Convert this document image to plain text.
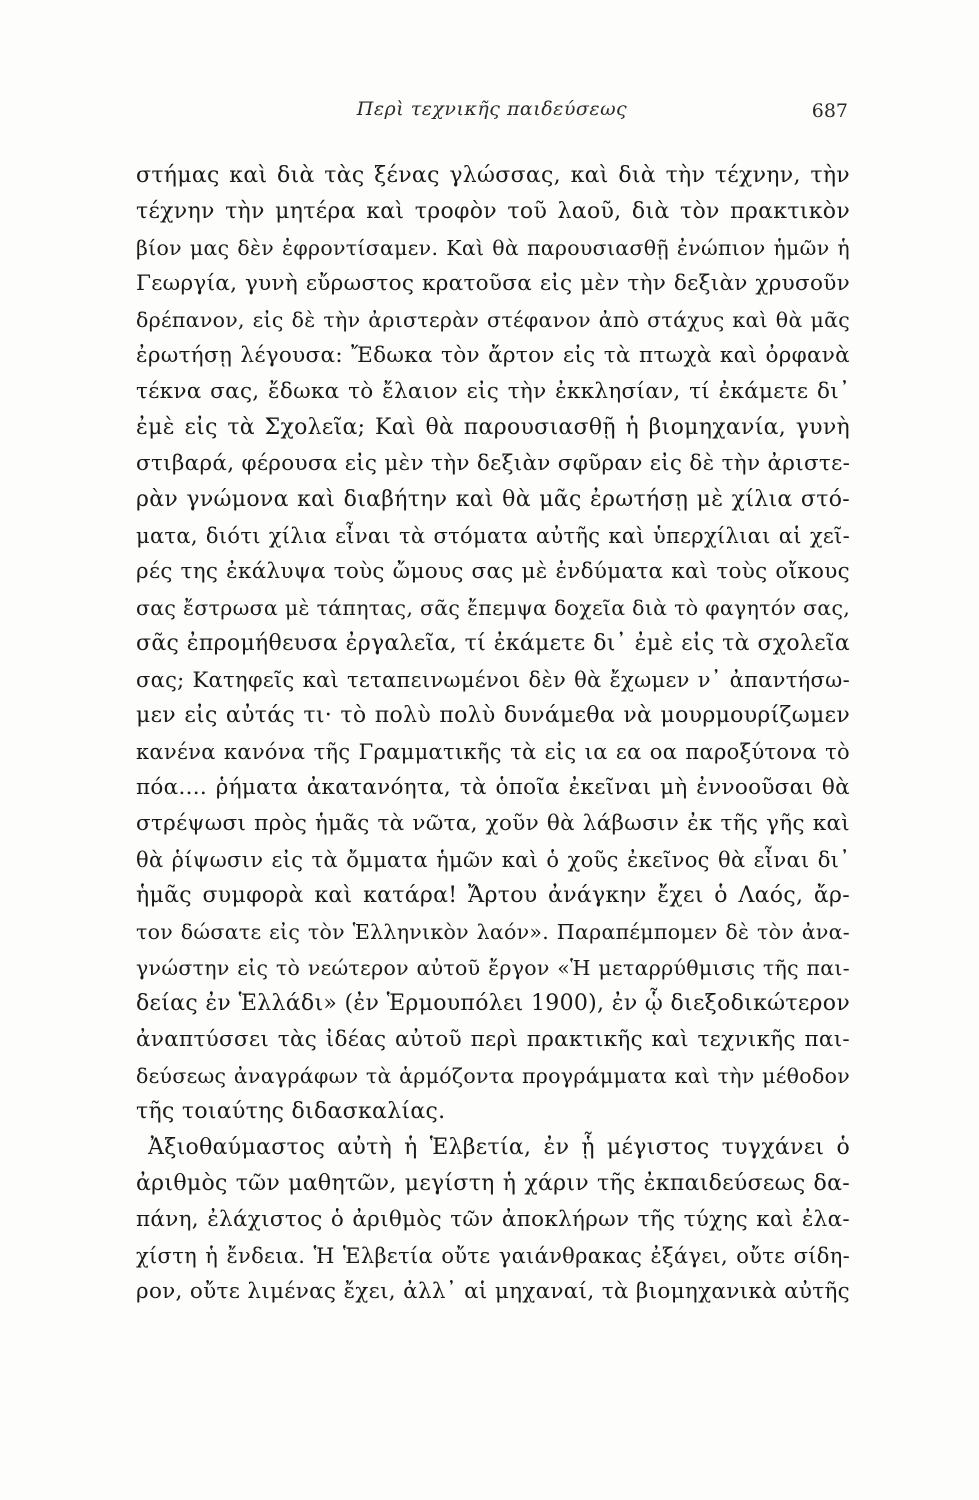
Περὶ τεχνικῆς παιδεύσεως	687
στήμας καὶ διὰ τὰς ξένας γλώσσας, καὶ διὰ τὴν τέχνην, τὴν
τέχνην τὴν μητέρα καὶ τροφὸν τοῦ λαοῦ, διὰ τὸν πρακτικὸν
βίον μας δὲν ἐφροντίσαμεν. Καὶ θὰ παρουσιασθῇ ἐνώπιον ἡμῶν ἡ
Γεωργία, γυνὴ εὔρωστος κρατοῦσα εἰς μὲν τὴν δεξιὰν χρυσοῦν
δρέπανον, εἰς δὲ τὴν ἀριστερὰν στέφανον ἀπὸ στάχυς καὶ θὰ μᾶς
ἐρωτήσῃ λέγουσα: Ἔδωκα τὸν ἄρτον εἰς τὰ πτωχὰ καὶ ὀρφανὰ
τέκνα σας, ἔδωκα τὸ ἔλαιον εἰς τὴν ἐκκλησίαν, τί ἐκάμετε δι᾽
ἐμὲ εἰς τὰ Σχολεῖα; Καὶ θὰ παρουσιασθῇ ἡ βιομηχανία, γυνὴ
στιβαρά, φέρουσα εἰς μὲν τὴν δεξιὰν σφῦραν εἰς δὲ τὴν ἀριστε-
ρὰν γνώμονα καὶ διαβήτην καὶ θὰ μᾶς ἐρωτήσῃ μὲ χίλια στό-
ματα, διότι χίλια εἶναι τὰ στόματα αὐτῆς καὶ ὑπερχίλιαι αἱ χεῖ-
ρές της ἐκάλυψα τοὺς ὤμους σας μὲ ἐνδύματα καὶ τοὺς οἴκους
σας ἔστρωσα μὲ τάπητας, σᾶς ἔπεμψα δοχεῖα διὰ τὸ φαγητόν σας,
σᾶς ἐπρομήθευσα ἐργαλεῖα, τί ἐκάμετε δι᾽ ἐμὲ εἰς τὰ σχολεῖα
σας; Κατηφεῖς καὶ τεταπεινωμένοι δὲν θὰ ἔχωμεν ν᾽ ἀπαντήσω-
μεν εἰς αὐτάς τι· τὸ πολὺ πολὺ δυνάμεθα νὰ μουρμουρίζωμεν
κανένα κανόνα τῆς Γραμματικῆς τὰ εἰς ια εα οα παροξύτονα τὸ
πόα.... ῥήματα ἀκατανόητα, τὰ ὁποῖα ἐκεῖναι μὴ ἐννοοῦσαι θὰ
στρέψωσι πρὸς ἡμᾶς τὰ νῶτα, χοῦν θὰ λάβωσιν ἐκ τῆς γῆς καὶ
θὰ ῥίψωσιν εἰς τὰ ὄμματα ἡμῶν καὶ ὁ χοῦς ἐκεῖνος θὰ εἶναι δι᾽
ἡμᾶς συμφορὰ καὶ κατάρα! Ἄρτου ἀνάγκην ἔχει ὁ Λαός, ἄρ-
τον δώσατε εἰς τὸν Ἑλληνικὸν λαόν». Παραπέμπομεν δὲ τὸν ἀνα-
γνώστην εἰς τὸ νεώτερον αὐτοῦ ἔργον «Ἡ μεταρρύθμισις τῆς παι-
δείας ἐν Ἑλλάδι» (ἐν Ἑρμουπόλει 1900), ἐν ᾧ διεξοδικώτερον
ἀναπτύσσει τὰς ἰδέας αὐτοῦ περὶ πρακτικῆς καὶ τεχνικῆς παι-
δεύσεως ἀναγράφων τὰ ἁρμόζοντα προγράμματα καὶ τὴν μέθοδον
τῆς τοιαύτης διδασκαλίας.
Ἀξιοθαύμαστος αὐτὴ ἡ Ἑλβετία, ἐν ᾗ μέγιστος τυγχάνει ὁ
ἀριθμὸς τῶν μαθητῶν, μεγίστη ἡ χάριν τῆς ἐκπαιδεύσεως δα-
πάνη, ἐλάχιστος ὁ ἀριθμὸς τῶν ἀποκλήρων τῆς τύχης καὶ ἐλα-
χίστη ἡ ἔνδεια. Ἡ Ἑλβετία οὔτε γαιάνθρακας ἐξάγει, οὔτε σίδη-
ρον, οὔτε λιμένας ἔχει, ἀλλ᾽ αἱ μηχαναί, τὰ βιομηχανικὰ αὐτῆς
